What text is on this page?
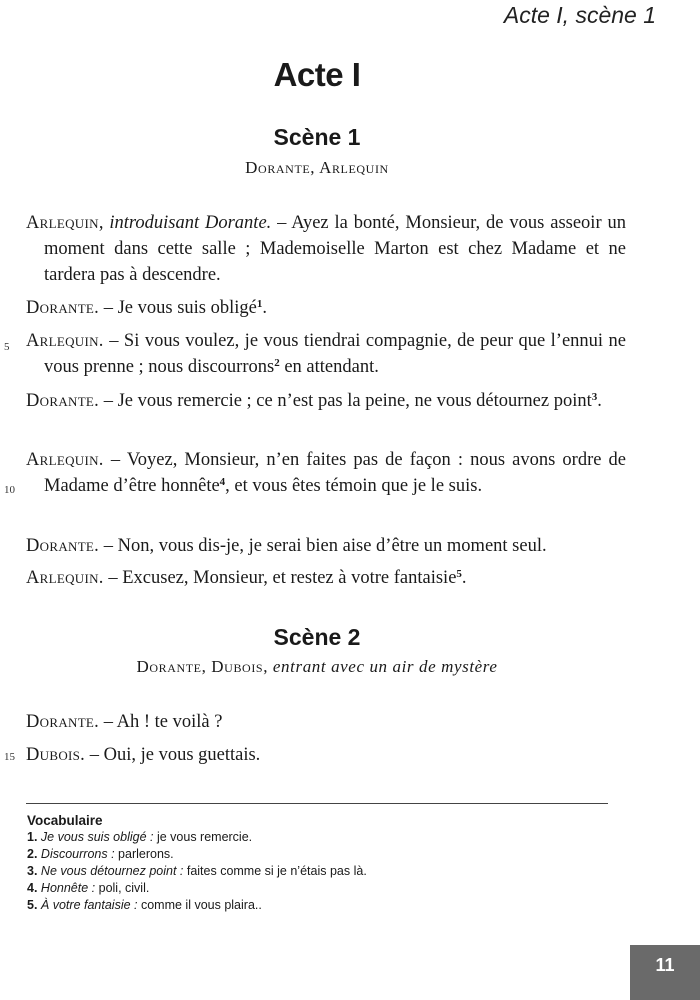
Acte I, scène 1
Acte I
Scène 1
Dorante, Arlequin
Arlequin, introduisant Dorante. – Ayez la bonté, Monsieur, de vous asseoir un moment dans cette salle ; Mademoiselle Marton est chez Madame et ne tardera pas à descendre.
Dorante. – Je vous suis obligé$^1$.
5 Arlequin. – Si vous voulez, je vous tiendrai compagnie, de peur que l’ennui ne vous prenne ; nous discourrons$^2$ en attendant.
Dorante. – Je vous remercie ; ce n’est pas la peine, ne vous détournez point$^3$.
10
Arlequin. – Voyez, Monsieur, n’en faites pas de façon : nous avons ordre de Madame d’être honnête$^4$, et vous êtes témoin que je le suis.
Dorante. – Non, vous dis-je, je serai bien aise d’être un moment seul.
Arlequin. – Excusez, Monsieur, et restez à votre fantaisie$^5$.
Scène 2
Dorante, Dubois, entrant avec un air de mystère
Dorante. – Ah ! te voilà ?
15 Dubois. – Oui, je vous guettais.
Vocabulaire
1. Je vous suis obligé : je vous remercie.
2. Discourrons : parlerons.
3. Ne vous détournez point : faites comme si je n’étais pas là.
4. Honnête : poli, civil.
5. À votre fantaisie : comme il vous plaira..
11
